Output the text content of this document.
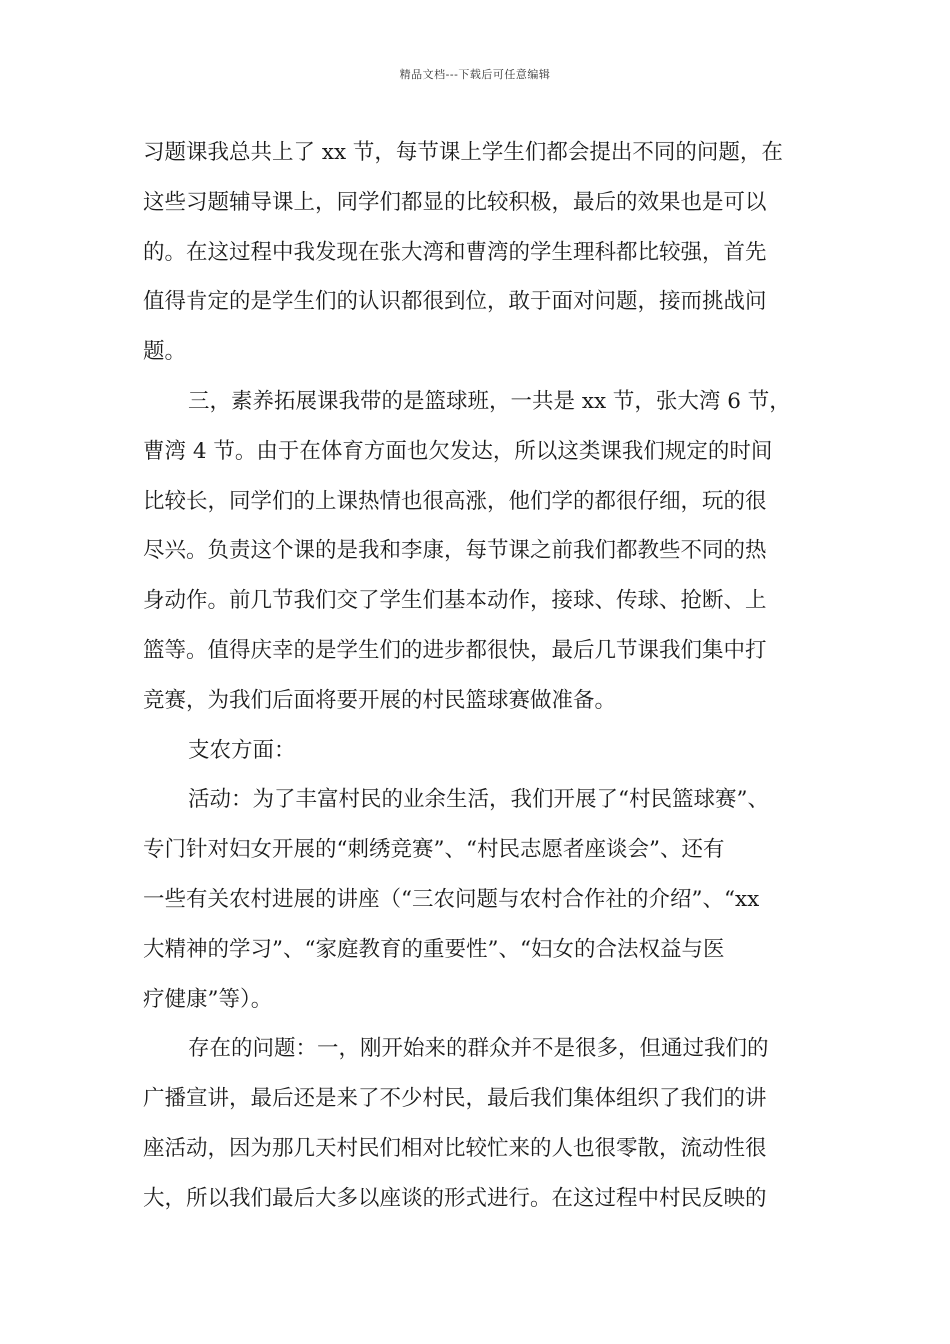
精品文档---下载后可任意编辑
习题课我总共上了 xx 节，每节课上学生们都会提出不同的问题，在
这些习题辅导课上，同学们都显的比较积极，最后的效果也是可以
的。在这过程中我发现在张大湾和曹湾的学生理科都比较强，首先
值得肯定的是学生们的认识都很到位，敢于面对问题，接而挑战问
题。
三，素养拓展课我带的是篮球班，一共是 xx 节，张大湾 6 节，
曹湾 4 节。由于在体育方面也欠发达，所以这类课我们规定的时间
比较长，同学们的上课热情也很高涨，他们学的都很仔细，玩的很
尽兴。负责这个课的是我和李康，每节课之前我们都教些不同的热
身动作。前几节我们交了学生们基本动作，接球、传球、抢断、上
篮等。值得庆幸的是学生们的进步都很快，最后几节课我们集中打
竞赛，为我们后面将要开展的村民篮球赛做准备。
支农方面：
活动：为了丰富村民的业余生活，我们开展了“村民篮球赛”、
专门针对妇女开展的“刺绣竞赛”、“村民志愿者座谈会”、还有
一些有关农村进展的讲座（“三农问题与农村合作社的介绍”、“xx
大精神的学习”、“家庭教育的重要性”、“妇女的合法权益与医
疗健康”等）。
存在的问题：一，刚开始来的群众并不是很多，但通过我们的
广播宣讲，最后还是来了不少村民，最后我们集体组织了我们的讲
座活动，因为那几天村民们相对比较忙来的人也很零散，流动性很
大，所以我们最后大多以座谈的形式进行。在这过程中村民反映的
